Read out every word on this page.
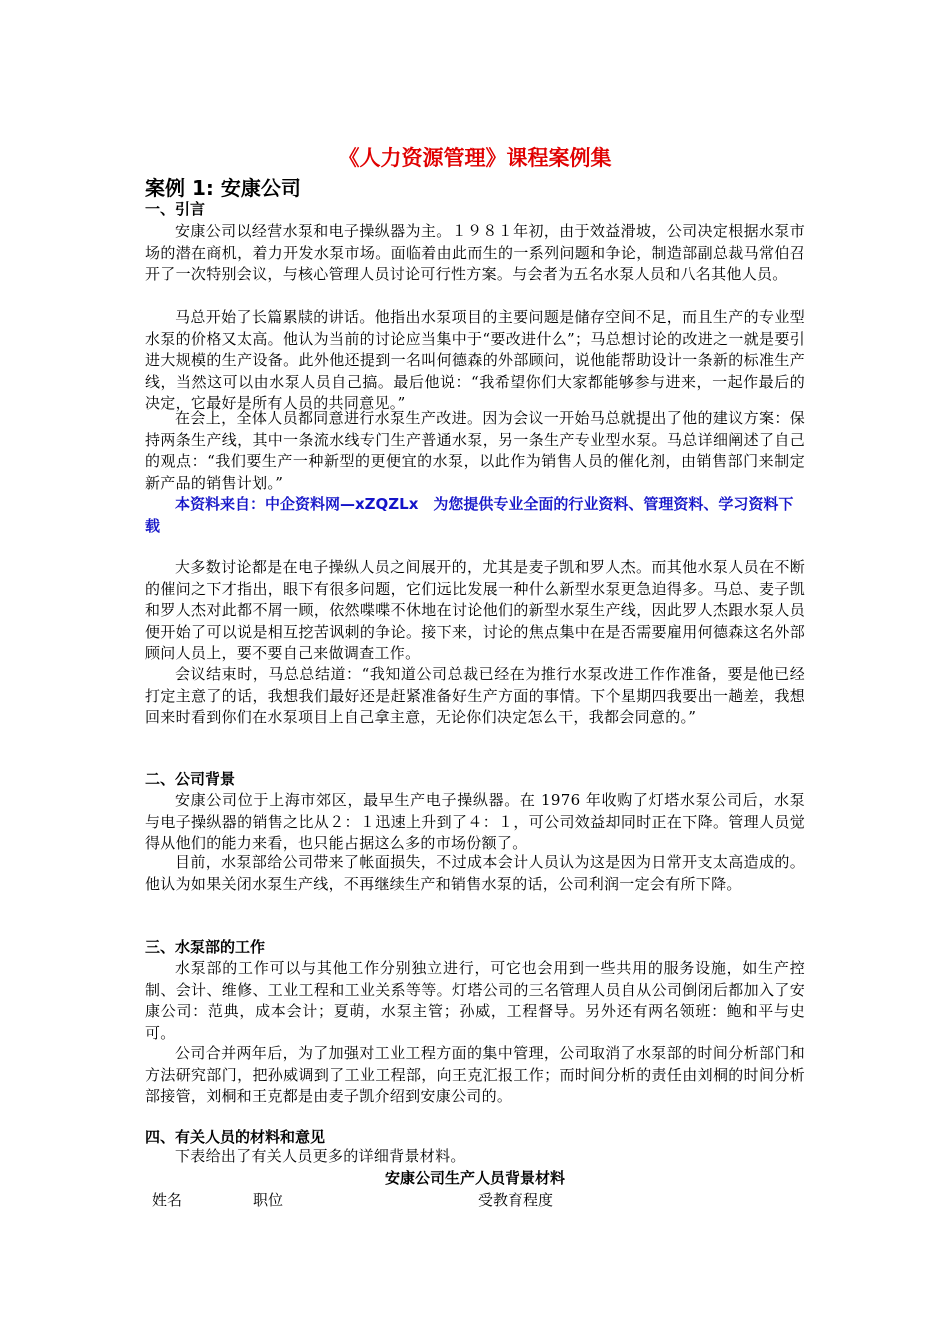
《人力资源管理》课程案例集
案例 1: 安康公司
一、引言

安康公司以经营水泵和电子操纵器为主。１９８１年初，由于效益滑坡，公司决定根据水泵市场的潜在商机，着力开发水泵市场。面临着由此而生的一系列问题和争论，制造部副总裁马常伯召开了一次特别会议，与核心管理人员讨论可行性方案。与会者为五名水泵人员和八名其他人员。

马总开始了长篇累牍的讲话。他指出水泵项目的主要问题是储存空间不足，而且生产的专业型水泵的价格又太高。他认为当前的讨论应当集中于“要改进什么”；马总想讨论的改进之一就是要引进大规模的生产设备。此外他还提到一名叫何德森的外部顾问，说他能帮助设计一条新的标准生产线，当然这可以由水泵人员自己搞。最后他说：“我希望你们大家都能够参与进来，一起作最后的决定，它最好是所有人员的共同意见。”

在会上，全体人员都同意进行水泵生产改进。因为会议一开始马总就提出了他的建议方案：保持两条生产线，其中一条流水线专门生产普通水泵，另一条生产专业型水泵。马总详细阐述了自己的观点：“我们要生产一种新型的更便宜的水泵，以此作为销售人员的催化剂，由销售部门来制定新产品的销售计划。”

本资料来自：中企资料网—xZQZLx　为您提供专业全面的行业资料、管理资料、学习资料下载

大多数讨论都是在电子操纵人员之间展开的，尤其是麦子凯和罗人杰。而其他水泵人员在不断的催问之下才指出，眼下有很多问题，它们远比发展一种什么新型水泵更急迫得多。马总、麦子凯和罗人杰对此都不屑一顾，依然喋喋不休地在讨论他们的新型水泵生产线，因此罗人杰跟水泵人员便开始了可以说是相互挖苦讽刺的争论。接下来，讨论的焦点集中在是否需要雇用何德森这名外部顾问人员上，要不要自己来做调查工作。

会议结束时，马总总结道：“我知道公司总裁已经在为推行水泵改进工作作准备，要是他已经打定主意了的话，我想我们最好还是赶紧准备好生产方面的事情。下个星期四我要出一趟差，我想回来时看到你们在水泵项目上自己拿主意，无论你们决定怎么干，我都会同意的。”

二、公司背景

安康公司位于上海市郊区，最早生产电子操纵器。在 1976 年收购了灯塔水泵公司后，水泵与电子操纵器的销售之比从２：１迅速上升到了４：１，可公司效益却同时正在下降。管理人员觉得从他们的能力来看，也只能占据这么多的市场份额了。

目前，水泵部给公司带来了帐面损失，不过成本会计人员认为这是因为日常开支太高造成的。他认为如果关闭水泵生产线，不再继续生产和销售水泵的话，公司利润一定会有所下降。

三、水泵部的工作

水泵部的工作可以与其他工作分别独立进行，可它也会用到一些共用的服务设施，如生产控制、会计、维修、工业工程和工业关系等等。灯塔公司的三名管理人员自从公司倒闭后都加入了安康公司：范典，成本会计；夏萌，水泵主管；孙威，工程督导。另外还有两名领班：鲍和平与史可。

公司合并两年后，为了加强对工业工程方面的集中管理，公司取消了水泵部的时间分析部门和方法研究部门，把孙威调到了工业工程部，向王克汇报工作；而时间分析的责任由刘桐的时间分析部接管，刘桐和王克都是由麦子凯介绍到安康公司的。

四、有关人员的材料和意见

下表给出了有关人员更多的详细背景材料。

安康公司生产人员背景材料

姓名	职位	受教育程度
